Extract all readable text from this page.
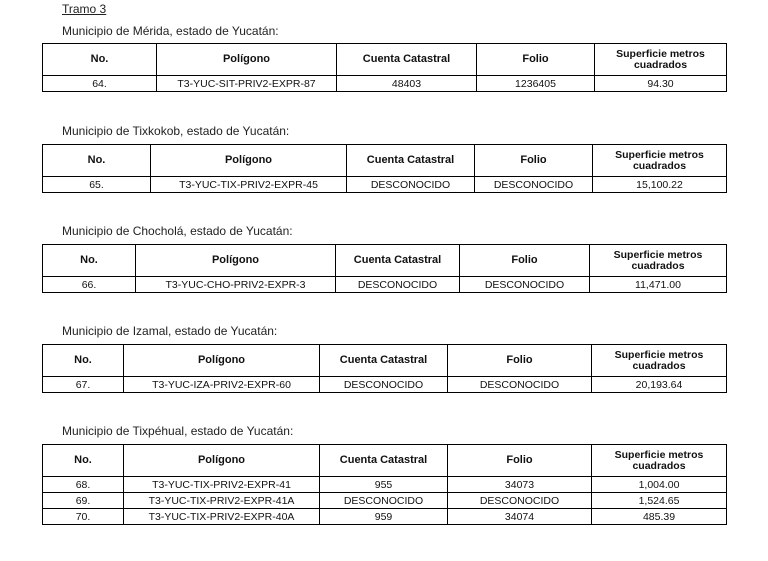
Tramo 3
Municipio de Mérida, estado de Yucatán:
No.	Polígono	Cuenta Catastral	Folio	Superficie metros cuadrados
64.	T3-YUC-SIT-PRIV2-EXPR-87	48403	1236405	94.30
Municipio de Tixkokob, estado de Yucatán:
No.	Polígono	Cuenta Catastral	Folio	Superficie metros cuadrados
65.	T3-YUC-TIX-PRIV2-EXPR-45	DESCONOCIDO	DESCONOCIDO	15,100.22
Municipio de Chocholá, estado de Yucatán:
No.	Polígono	Cuenta Catastral	Folio	Superficie metros cuadrados
66.	T3-YUC-CHO-PRIV2-EXPR-3	DESCONOCIDO	DESCONOCIDO	11,471.00
Municipio de Izamal, estado de Yucatán:
No.	Polígono	Cuenta Catastral	Folio	Superficie metros cuadrados
67.	T3-YUC-IZA-PRIV2-EXPR-60	DESCONOCIDO	DESCONOCIDO	20,193.64
Municipio de Tixpéhual, estado de Yucatán:
No.	Polígono	Cuenta Catastral	Folio	Superficie metros cuadrados
68.	T3-YUC-TIX-PRIV2-EXPR-41	955	34073	1,004.00
69.	T3-YUC-TIX-PRIV2-EXPR-41A	DESCONOCIDO	DESCONOCIDO	1,524.65
70.	T3-YUC-TIX-PRIV2-EXPR-40A	959	34074	485.39
